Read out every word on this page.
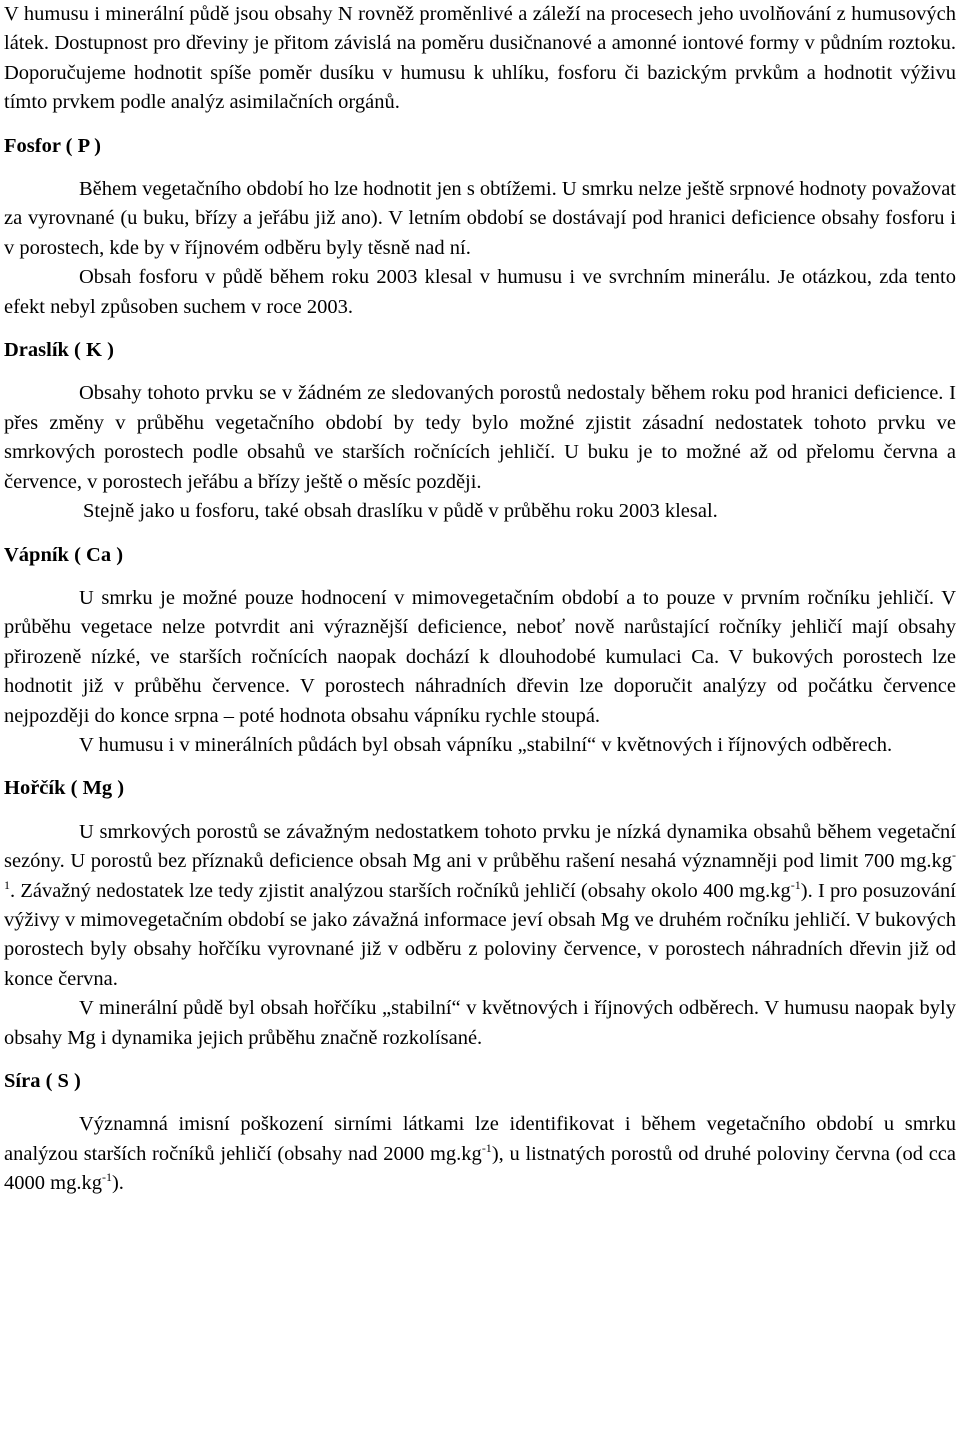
V humusu i minerální půdě jsou obsahy N rovněž proměnlivé a záleží na procesech jeho uvolňování z humusových látek. Dostupnost pro dřeviny je přitom závislá na poměru dusičnanové a amonné iontové formy v půdním roztoku. Doporučujeme hodnotit spíše poměr dusíku v humusu k uhlíku, fosforu či bazickým prvkům a hodnotit výživu tímto prvkem podle analýz asimilačních orgánů.

Fosfor ( P )

Během vegetačního období ho lze hodnotit jen s obtížemi. U smrku nelze ještě srpnové hodnoty považovat za vyrovnané (u buku, břízy a jeřábu již ano). V letním období se dostávají pod hranici deficience obsahy fosforu i v porostech, kde by v říjnovém odběru byly těsně nad ní.

Obsah fosforu v půdě během roku 2003 klesal v humusu i ve svrchním minerálu. Je otázkou, zda tento efekt nebyl způsoben suchem v roce 2003.

Draslík ( K )

Obsahy tohoto prvku se v žádném ze sledovaných porostů nedostaly během roku pod hranici deficience. I přes změny v průběhu vegetačního období by tedy bylo možné zjistit zásadní nedostatek tohoto prvku ve smrkových porostech podle obsahů ve starších ročnících jehličí. U buku je to možné až od přelomu června a července, v porostech jeřábu a břízy ještě o měsíc později.

Stejně jako u fosforu, také obsah draslíku v půdě v průběhu roku 2003 klesal.

Vápník ( Ca )

U smrku je možné pouze hodnocení v mimovegetačním období a to pouze v prvním ročníku jehličí. V průběhu vegetace nelze potvrdit ani výraznější deficience, neboť nově narůstající ročníky jehličí mají obsahy přirozeně nízké, ve starších ročnících naopak dochází k dlouhodobé kumulaci Ca. V bukových porostech lze hodnotit již v průběhu července. V porostech náhradních dřevin lze doporučit analýzy od počátku července nejpozději do konce srpna – poté hodnota obsahu vápníku rychle stoupá.

V humusu i v minerálních půdách byl obsah vápníku „stabilní“ v květnových i říjnových odběrech.

Hořčík ( Mg )

U smrkových porostů se závažným nedostatkem tohoto prvku je nízká dynamika obsahů během vegetační sezóny. U porostů bez příznaků deficience obsah Mg ani v průběhu rašení nesahá významněji pod limit 700 $mg.kg^{-1}$. Závažný nedostatek lze tedy zjistit analýzou starších ročníků jehličí (obsahy okolo 400 $mg.kg^{-1}$). I pro posuzování výživy v mimovegetačním období se jako závažná informace jeví obsah Mg ve druhém ročníku jehličí. V bukových porostech byly obsahy hořčíku vyrovnané již v odběru z poloviny července, v porostech náhradních dřevin již od konce června.

V minerální půdě byl obsah hořčíku „stabilní“ v květnových i říjnových odběrech. V humusu naopak byly obsahy Mg i dynamika jejich průběhu značně rozkolísané.

Síra ( S )

Významná imisní poškození sirními látkami lze identifikovat i během vegetačního období u smrku analýzou starších ročníků jehličí (obsahy nad 2000 $mg.kg^{-1}$), u listnatých porostů od druhé poloviny června (od cca 4000 $mg.kg^{-1}$).
